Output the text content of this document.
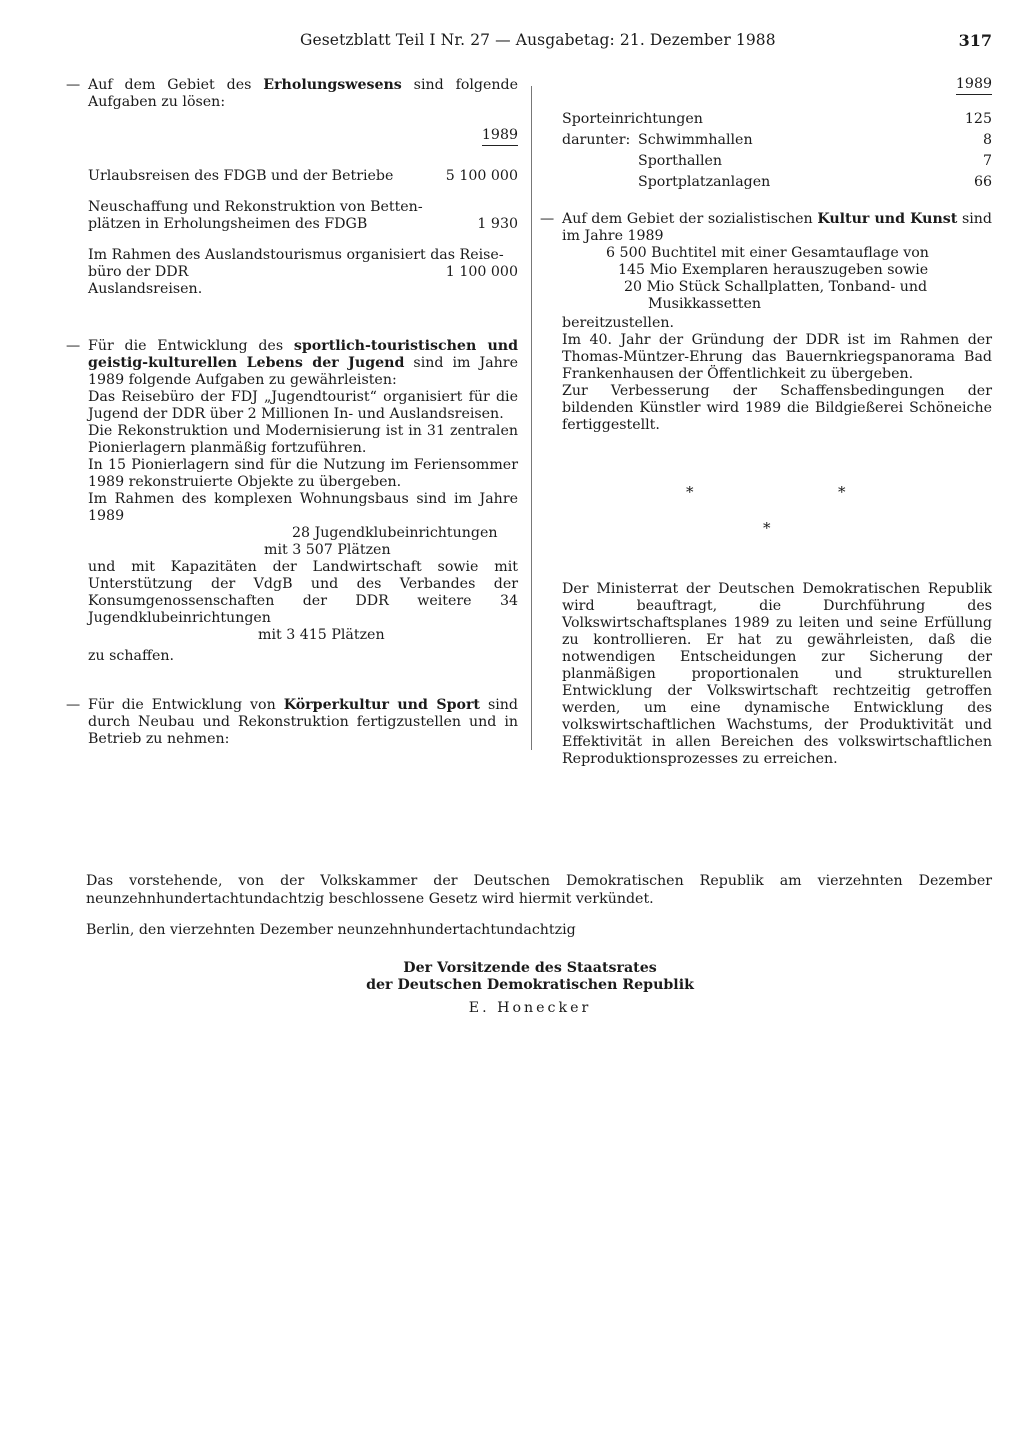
Gesetzblatt Teil I Nr. 27 — Ausgabetag: 21. Dezember 1988	317
— Auf dem Gebiet des Erholungswesens sind folgende Aufgaben zu lösen:

1989
Urlaubsreisen des FDGB und der Betriebe	5 100 000

Neuschaffung und Rekonstruktion von Betten-

plätzen in Erholungsheimen des FDGB	1 930

Im Rahmen des Auslandstourismus organisiert das Reise-

büro der DDR	1 100 000

Auslandsreisen.

— Für die Entwicklung des sportlich-touristischen und geistig-kulturellen Lebens der Jugend sind im Jahre 1989 folgende Aufgaben zu gewährleisten:

Das Reisebüro der FDJ „Jugendtourist“ organisiert für die Jugend der DDR über 2 Millionen In- und Auslandsreisen.

Die Rekonstruktion und Modernisierung ist in 31 zentralen Pionierlagern planmäßig fortzuführen.

In 15 Pionierlagern sind für die Nutzung im Feriensommer 1989 rekonstruierte Objekte zu übergeben.

Im Rahmen des komplexen Wohnungsbaus sind im Jahre 1989

28 Jugendklubeinrichtungen

mit 3 507 Plätzen

und mit Kapazitäten der Landwirtschaft sowie mit Unterstützung der VdgB und des Verbandes der Konsumgenossenschaften der DDR weitere 34 Jugendklubeinrichtungen

mit 3 415 Plätzen

zu schaffen.

— Für die Entwicklung von Körperkultur und Sport sind durch Neubau und Rekonstruktion fertigzustellen und in Betrieb zu nehmen:

1989
Sporteinrichtungen	125
darunter: Schwimmhallen	8
Sporthallen	7
Sportplatzanlagen	66
— Auf dem Gebiet der sozialistischen Kultur und Kunst sind im Jahre 1989

6 500 Buchtitel mit einer Gesamtauflage von

145 Mio Exemplaren herauszugeben sowie

20 Mio Stück Schallplatten, Tonband- und

Musikkassetten

bereitzustellen.

Im 40. Jahr der Gründung der DDR ist im Rahmen der Thomas-Müntzer-Ehrung das Bauernkriegspanorama Bad Frankenhausen der Öffentlichkeit zu übergeben.

Zur Verbesserung der Schaffensbedingungen der bildenden Künstler wird 1989 die Bildgießerei Schöneiche fertiggestellt.

*	*
*

Der Ministerrat der Deutschen Demokratischen Republik wird beauftragt, die Durchführung des Volkswirtschaftsplanes 1989 zu leiten und seine Erfüllung zu kontrollieren. Er hat zu gewährleisten, daß die notwendigen Entscheidungen zur Sicherung der planmäßigen proportionalen und strukturellen Entwicklung der Volkswirtschaft rechtzeitig getroffen werden, um eine dynamische Entwicklung des volkswirtschaftlichen Wachstums, der Produktivität und Effektivität in allen Bereichen des volkswirtschaftlichen Reproduktionsprozesses zu erreichen.

Das vorstehende, von der Volkskammer der Deutschen Demokratischen Republik am vierzehnten Dezember neunzehnhundertachtundachtzig beschlossene Gesetz wird hiermit verkündet.

Berlin, den vierzehnten Dezember neunzehnhundertachtundachtzig

Der Vorsitzende des Staatsrates

der Deutschen Demokratischen Republik

E. Honecker
